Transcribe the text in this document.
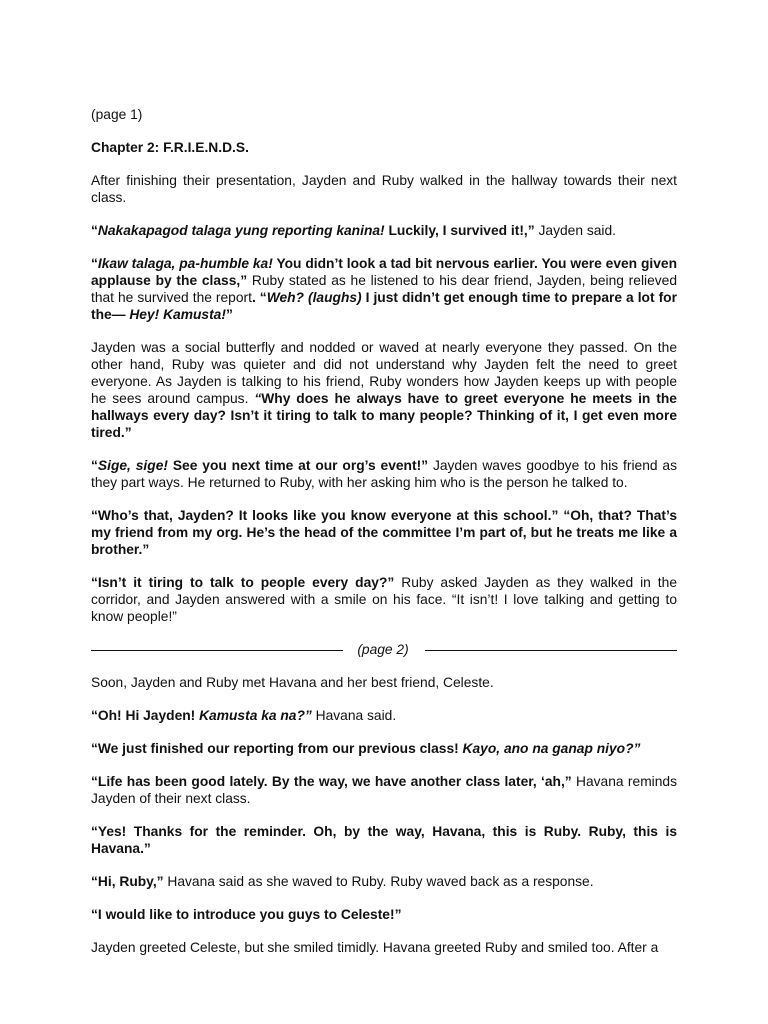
(page 1)

Chapter 2: F.R.I.E.N.D.S.

After finishing their presentation, Jayden and Ruby walked in the hallway towards their next class.

“Nakakapagod talaga yung reporting kanina! Luckily, I survived it!,” Jayden said.

“Ikaw talaga, pa-humble ka! You didn’t look a tad bit nervous earlier. You were even given applause by the class,” Ruby stated as he listened to his dear friend, Jayden, being relieved that he survived the report. “Weh? (laughs) I just didn’t get enough time to prepare a lot for the— Hey! Kamusta!”

Jayden was a social butterfly and nodded or waved at nearly everyone they passed. On the other hand, Ruby was quieter and did not understand why Jayden felt the need to greet everyone. As Jayden is talking to his friend, Ruby wonders how Jayden keeps up with people he sees around campus. “Why does he always have to greet everyone he meets in the hallways every day? Isn’t it tiring to talk to many people? Thinking of it, I get even more tired.”

“Sige, sige! See you next time at our org’s event!” Jayden waves goodbye to his friend as they part ways. He returned to Ruby, with her asking him who is the person he talked to.

“Who’s that, Jayden? It looks like you know everyone at this school.” “Oh, that? That’s my friend from my org. He’s the head of the committee I’m part of, but he treats me like a brother.”

“Isn’t it tiring to talk to people every day?” Ruby asked Jayden as they walked in the corridor, and Jayden answered with a smile on his face. “It isn’t! I love talking and getting to know people!”

(page 2)

Soon, Jayden and Ruby met Havana and her best friend, Celeste.

“Oh! Hi Jayden! Kamusta ka na?” Havana said.

“We just finished our reporting from our previous class! Kayo, ano na ganap niyo?”

“Life has been good lately. By the way, we have another class later, ‘ah,” Havana reminds Jayden of their next class.

“Yes! Thanks for the reminder. Oh, by the way, Havana, this is Ruby. Ruby, this is Havana.”

“Hi, Ruby,” Havana said as she waved to Ruby. Ruby waved back as a response.

“I would like to introduce you guys to Celeste!”

Jayden greeted Celeste, but she smiled timidly. Havana greeted Ruby and smiled too. After a
